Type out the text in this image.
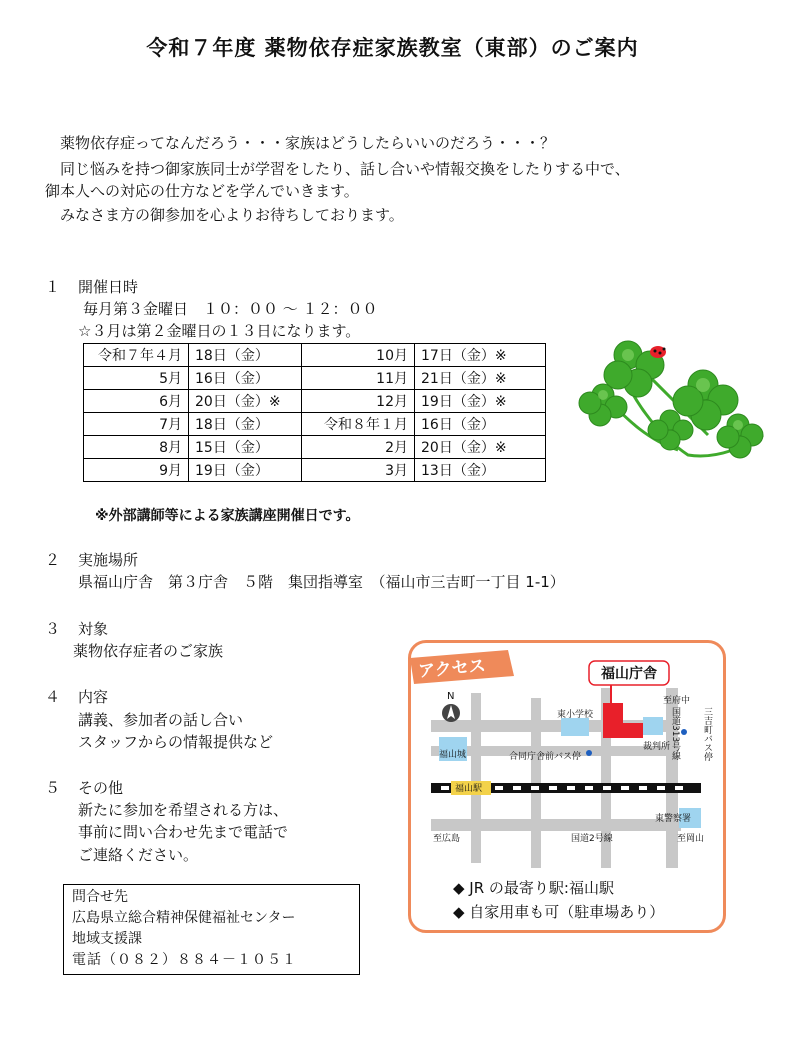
令和７年度 薬物依存症家族教室（東部）のご案内
　薬物依存症ってなんだろう・・・家族はどうしたらいいのだろう・・・？
　同じ悩みを持つ御家族同士が学習をしたり、話し合いや情報交換をしたりする中で、
御本人への対応の仕方などを学んでいきます。
　みなさま方の御参加を心よりお待ちしております。
１ 開催日時
毎月第３金曜日　１０：００ ～ １２：００
☆３月は第２金曜日の１３日になります。
令和７年４月	18日（金）	10月	17日（金）※
5月	16日（金）	11月	21日（金）※
6月	20日（金）※	12月	19日（金）※
7月	18日（金）	令和８年１月	16日（金）
8月	15日（金）	2月	20日（金）※
9月	19日（金）	3月	13日（金）
※外部講師等による家族講座開催日です。
２ 実施場所
県福山庁舎　第３庁舎　５階　集団指導室　（福山市三吉町一丁目 1-1）
３ 対象
薬物依存症者のご家族
４ 内容
講義、参加者の話し合い
スタッフからの情報提供など
５ その他
新たに参加を希望される方は、
事前に問い合わせ先まで電話で
ご連絡ください。
問合せ先
広島県立総合精神保健福祉センター
地域支援課
電話（０８２）８８４－１０５１
福山庁舎
N
東小学校
裁判所
福山城	合同庁舎前バス停
福山駅
東警察署
至府中
国道313号線 三吉町バス停
至広島	国道2号線	至岡山
◆ JR の最寄り駅:福山駅
◆ 自家用車も可（駐車場あり）
アクセス
